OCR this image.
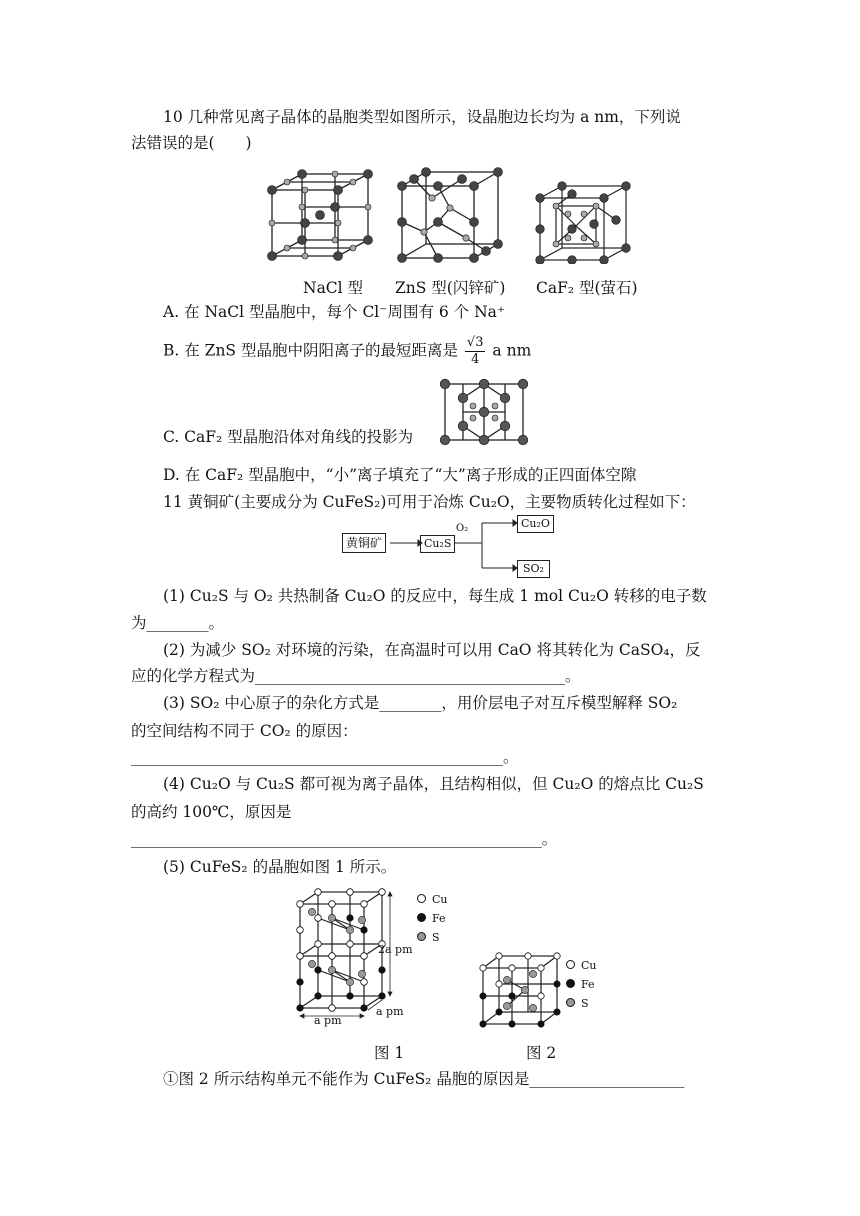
10 几种常见离子晶体的晶胞类型如图所示，设晶胞边长均为 a nm，下列说
法错误的是(　　)
NaCl 型 ZnS 型(闪锌矿) CaF₂ 型(萤石)
A. 在 NaCl 型晶胞中，每个 Cl⁻周围有 6 个 Na⁺
B. 在 ZnS 型晶胞中阴阳离子的最短距离是 $\frac{√3}{4}$ a nm
C. CaF₂ 型晶胞沿体对角线的投影为
D. 在 CaF₂ 型晶胞中，“小”离子填充了“大”离子形成的正四面体空隙
11 黄铜矿(主要成分为 CuFeS₂)可用于冶炼 Cu₂O，主要物质转化过程如下：
黄铜矿	Cu₂S
O₂	Cu₂O
SO₂
(1) Cu₂S 与 O₂ 共热制备 Cu₂O 的反应中，每生成 1 mol Cu₂O 转移的电子数
为________。
(2) 为减少 SO₂ 对环境的污染，在高温时可以用 CaO 将其转化为 CaSO₄，反
应的化学方程式为________________________________________。
(3) SO₂ 中心原子的杂化方式是________，用价层电子对互斥模型解释 SO₂
的空间结构不同于 CO₂ 的原因：
________________________________________________。
(4) Cu₂O 与 Cu₂S 都可视为离子晶体，且结构相似，但 Cu₂O 的熔点比 Cu₂S
的高约 100℃，原因是
_____________________________________________________。
(5) CuFeS₂ 的晶胞如图 1 所示。
2a pm
a pm
a pm
Cu
Fe
S
Cu
Fe
S
图 1	图 2
①图 2 所示结构单元不能作为 CuFeS₂ 晶胞的原因是____________________
